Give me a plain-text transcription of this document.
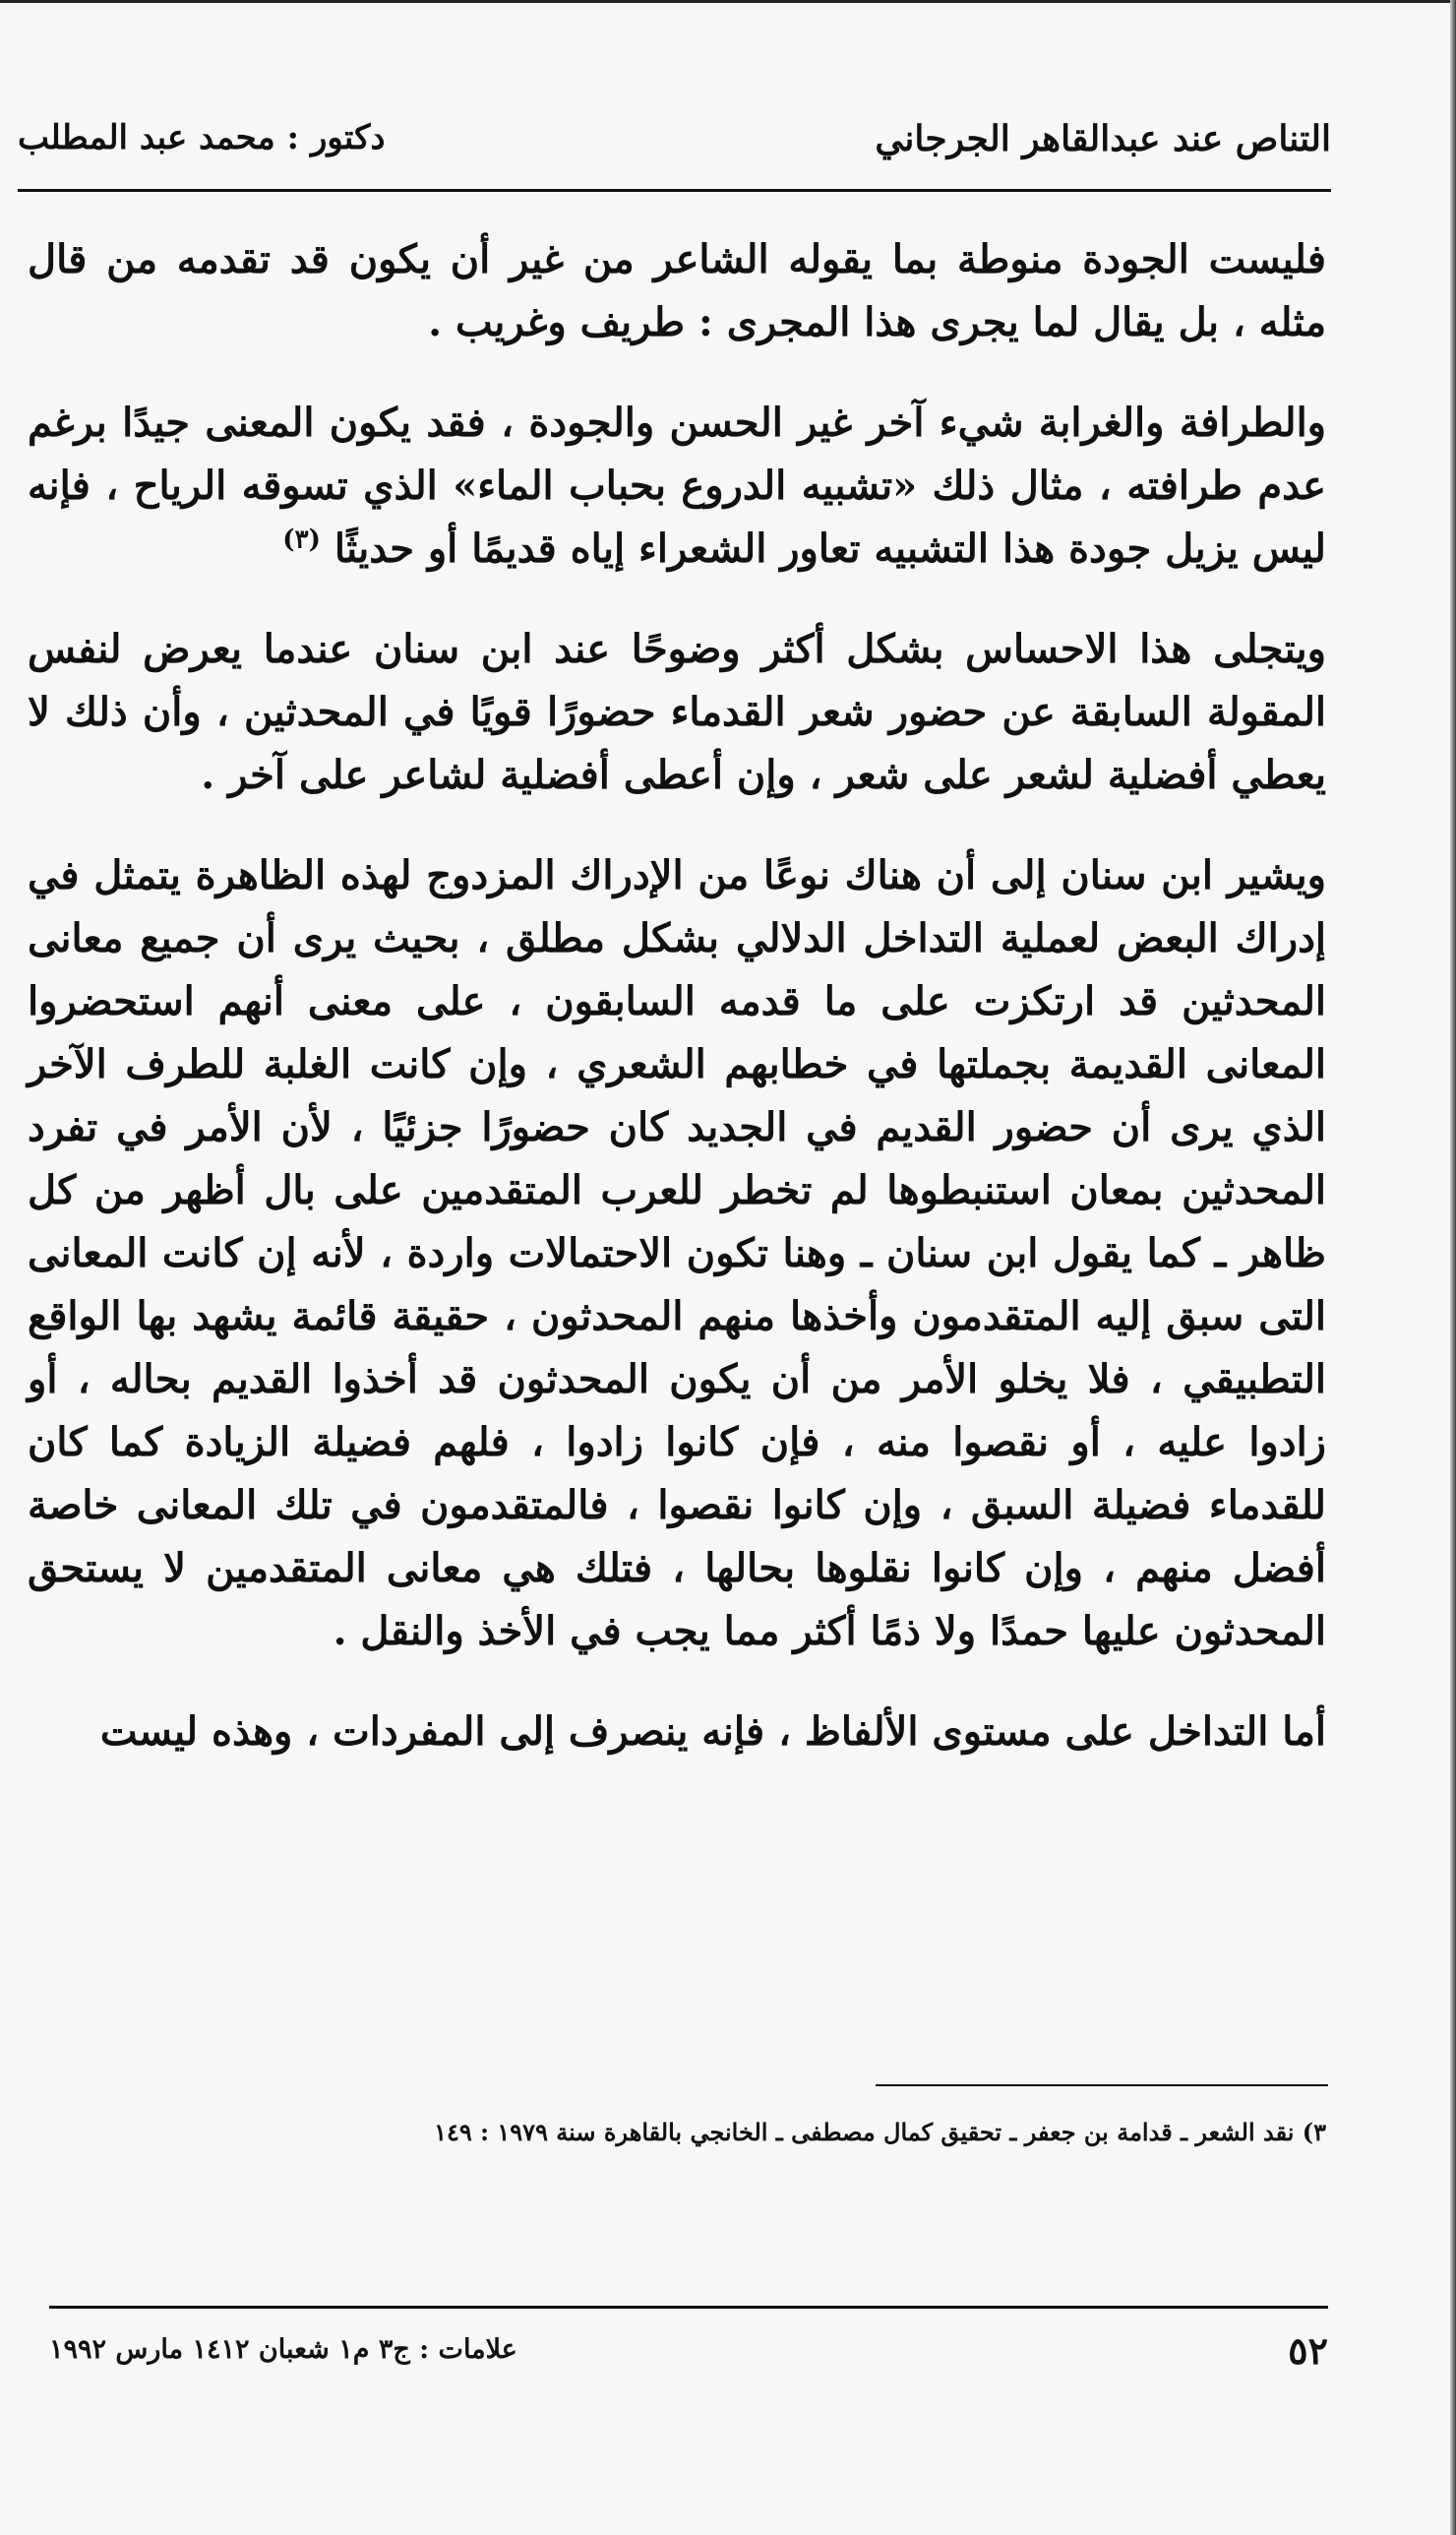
التناص عند عبدالقاهر الجرجاني
دكتور : محمد عبد المطلب

فليست الجودة منوطة بما يقوله الشاعر من غير أن يكون قد تقدمه من قال مثله ، بل يقال لما يجرى هذا المجرى : طريف وغريب .

والطرافة والغرابة شيء آخر غير الحسن والجودة ، فقد يكون المعنى جيدًا برغم عدم طرافته ، مثال ذلك «تشبيه الدروع بحباب الماء» الذي تسوقه الرياح ، فإنه ليس يزيل جودة هذا التشبيه تعاور الشعراء إياه قديمًا أو حديثًا $^{(٣)}$

ويتجلى هذا الاحساس بشكل أكثر وضوحًا عند ابن سنان عندما يعرض لنفس المقولة السابقة عن حضور شعر القدماء حضورًا قويًا في المحدثين ، وأن ذلك لا يعطي أفضلية لشعر على شعر ، وإن أعطى أفضلية لشاعر على آخر .

ويشير ابن سنان إلى أن هناك نوعًا من الإدراك المزدوج لهذه الظاهرة يتمثل في إدراك البعض لعملية التداخل الدلالي بشكل مطلق ، بحيث يرى أن جميع معانى المحدثين قد ارتكزت على ما قدمه السابقون ، على معنى أنهم استحضروا المعانى القديمة بجملتها في خطابهم الشعري ، وإن كانت الغلبة للطرف الآخر الذي يرى أن حضور القديم في الجديد كان حضورًا جزئيًا ، لأن الأمر في تفرد المحدثين بمعان استنبطوها لم تخطر للعرب المتقدمين على بال أظهر من كل ظاهر ـ كما يقول ابن سنان ـ وهنا تكون الاحتمالات واردة ، لأنه إن كانت المعانى التى سبق إليه المتقدمون وأخذها منهم المحدثون ، حقيقة قائمة يشهد بها الواقع التطبيقي ، فلا يخلو الأمر من أن يكون المحدثون قد أخذوا القديم بحاله ، أو زادوا عليه ، أو نقصوا منه ، فإن كانوا زادوا ، فلهم فضيلة الزيادة كما كان للقدماء فضيلة السبق ، وإن كانوا نقصوا ، فالمتقدمون في تلك المعانى خاصة أفضل منهم ، وإن كانوا نقلوها بحالها ، فتلك هي معانى المتقدمين لا يستحق المحدثون عليها حمدًا ولا ذمًا أكثر مما يجب في الأخذ والنقل .

أما التداخل على مستوى الألفاظ ، فإنه ينصرف إلى المفردات ، وهذه ليست

٣) نقد الشعر ـ قدامة بن جعفر ـ تحقيق كمال مصطفى ـ الخانجي بالقاهرة سنة ١٩٧٩ : ١٤٩
٥٢
علامات : ج٣ م١ شعبان ١٤١٢ مارس ١٩٩٢
